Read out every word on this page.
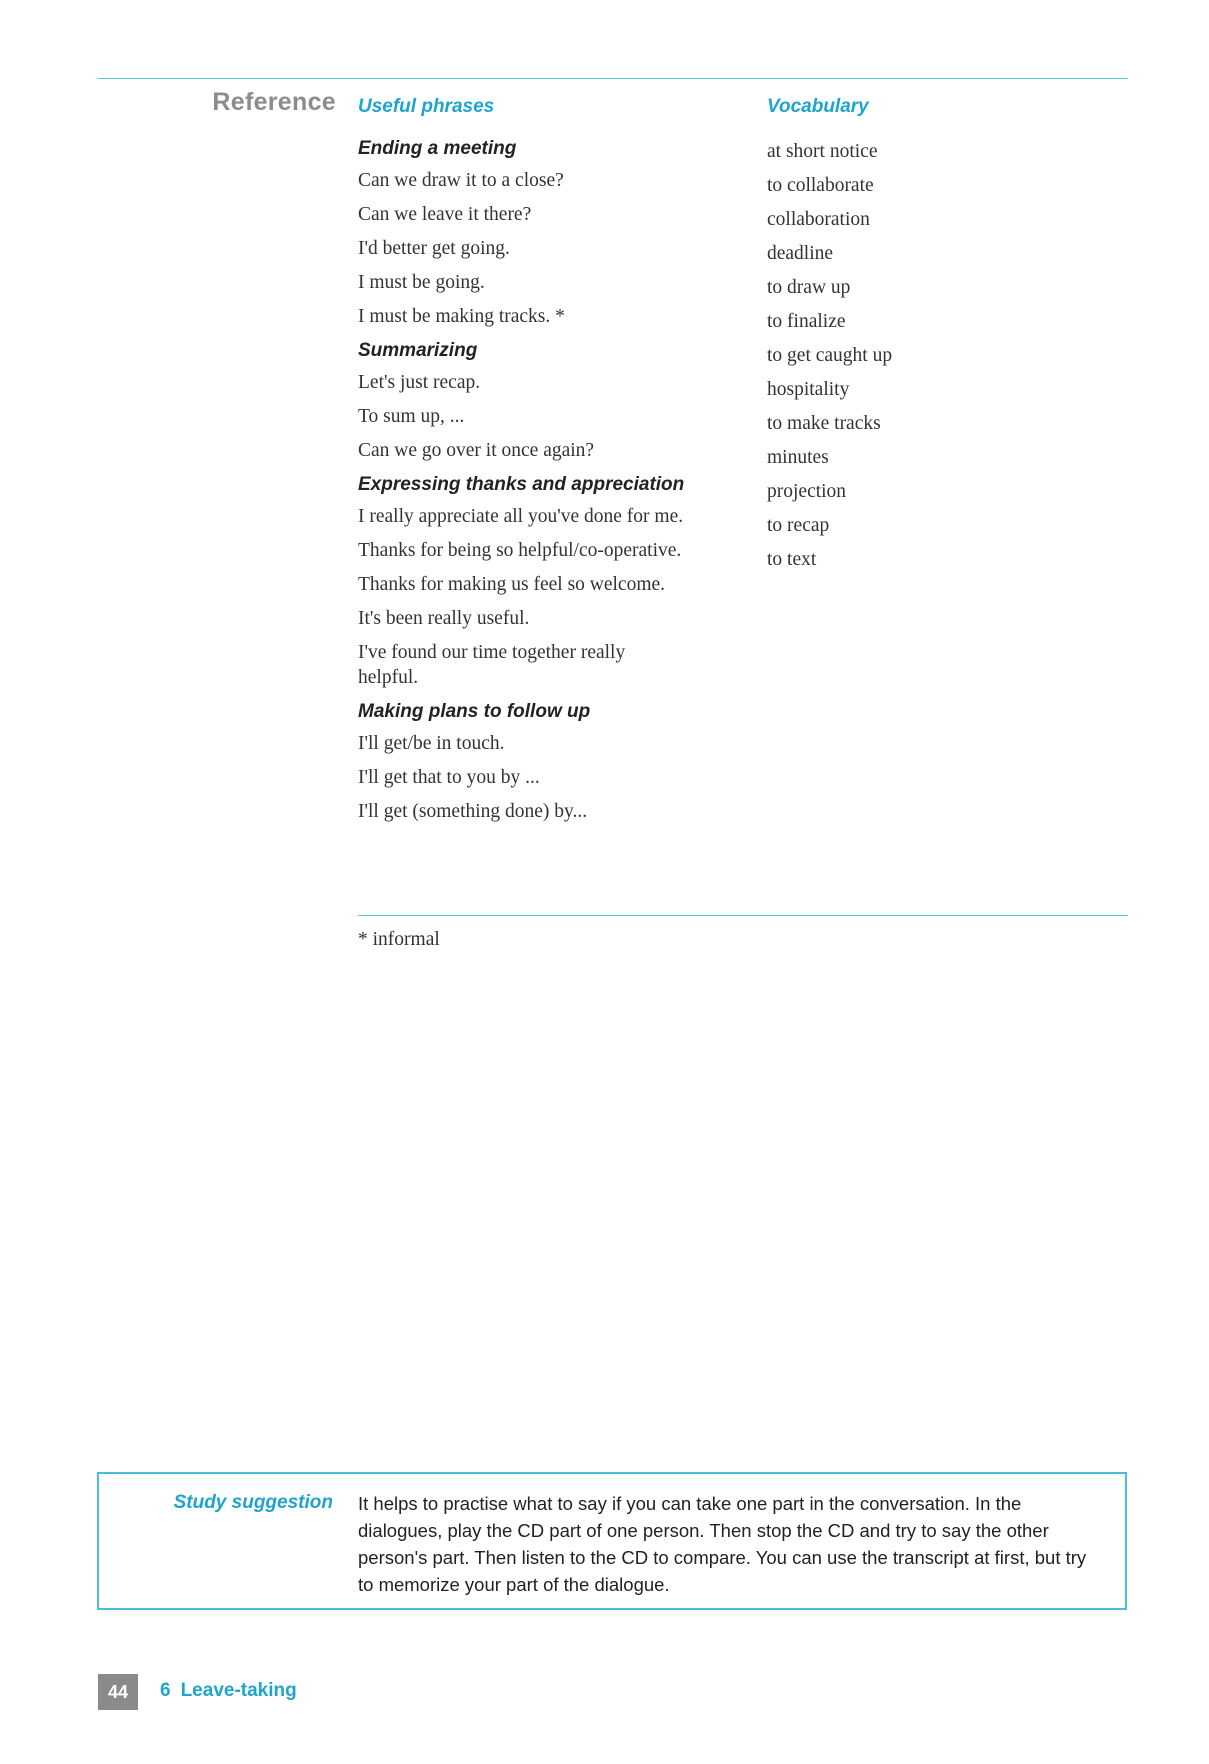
Reference Useful phrases	Vocabulary
Ending a meeting
Can we draw it to a close?
Can we leave it there?
I'd better get going.
I must be going.
I must be making tracks. *
Summarizing
Let's just recap.
To sum up, ...
Can we go over it once again?
Expressing thanks and appreciation
I really appreciate all you've done for me.
Thanks for being so helpful/co-operative.
Thanks for making us feel so welcome.
It's been really useful.
I've found our time together really helpful.
Making plans to follow up
I'll get/be in touch.
I'll get that to you by ...
I'll get (something done) by...
at short notice
to collaborate
collaboration
deadline
to draw up
to finalize
to get caught up
hospitality
to make tracks
minutes
projection
to recap
to text
* informal
Study suggestion It helps to practise what to say if you can take one part in the conversation. In the dialogues, play the CD part of one person. Then stop the CD and try to say the other person's part. Then listen to the CD to compare. You can use the transcript at first, but try to memorize your part of the dialogue.
44	6 Leave-taking
